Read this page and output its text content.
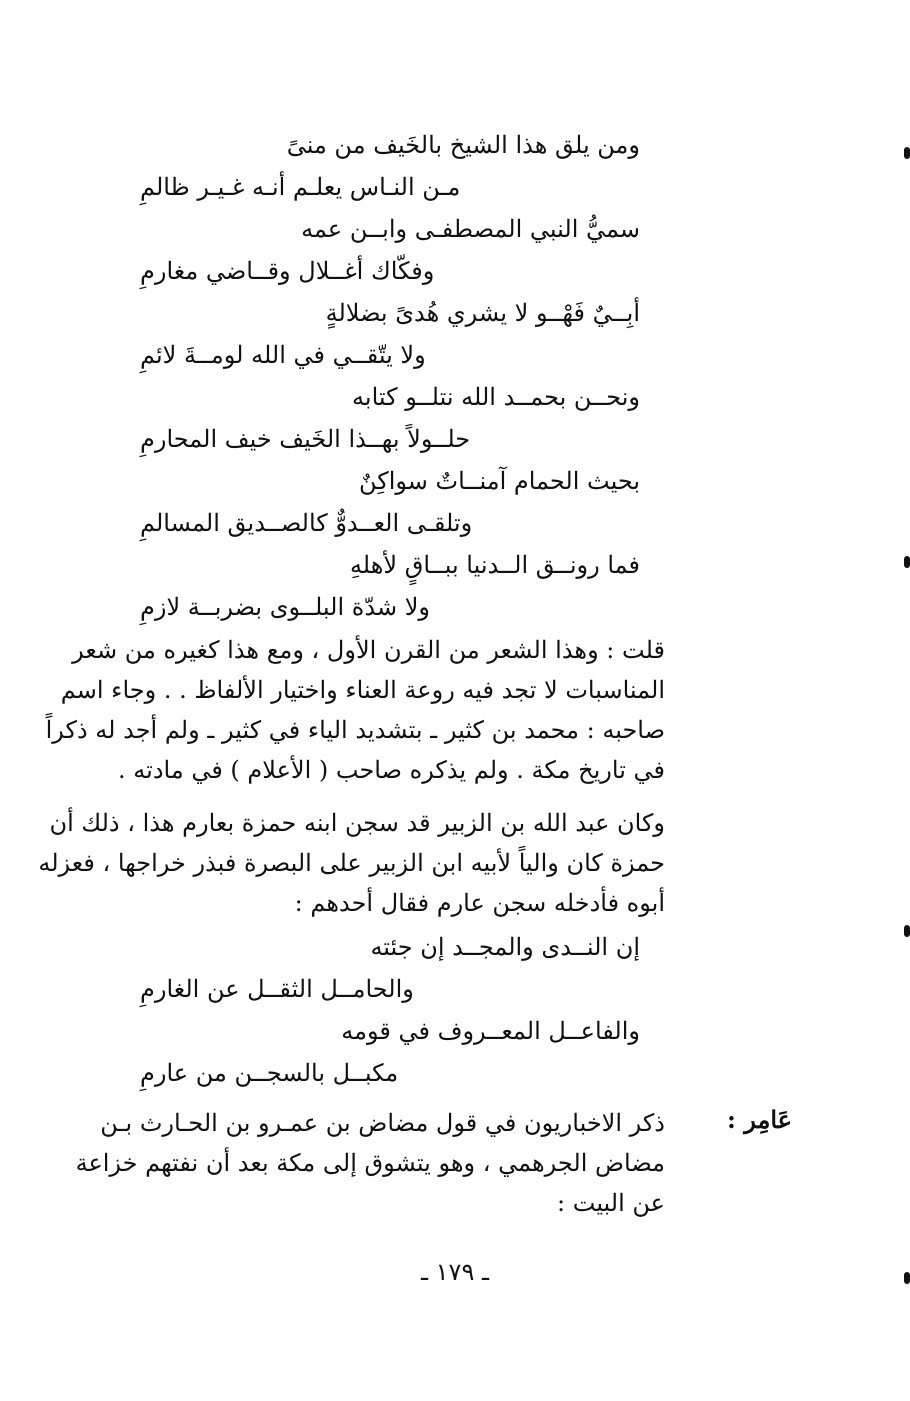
ومن يلق هذا الشيخ بالخَيف من منىً
مـن النـاس يعلـم أنـه غـيـر ظالمِ
سميُّ النبي المصطفـى وابــن عمه
وفكّاك أغــلال وقــاضي مغارمِ
أبِــيٌ فَهْــو لا يشري هُدىً بضلالةٍ
ولا يتّقــي في الله لومــةَ لائمِ
ونحــن بحمــد الله نتلــو كتابه
حلــولاً بهــذا الخَيف خيف المحارمِ
بحيث الحمام آمنــاتٌ سواكِنٌ
وتلقـى العــدوٌّ كالصــديق المسالمِ
فما رونــق الــدنيا ببــاقٍ لأهلهِ
ولا شدّة البلــوى بضربــة لازمِ
قلت : وهذا الشعر من القرن الأول ، ومع هذا كغيره من شعر
المناسبات لا تجد فيه روعة العناء واختيار الألفاظ . . وجاء اسم
صاحبه : محمد بن كثير ـ بتشديد الياء في كثير ـ ولم أجد له ذكراً
في تاريخ مكة . ولم يذكره صاحب ( الأعلام ) في مادته .
وكان عبد الله بن الزبير قد سجن ابنه حمزة بعارم هذا ، ذلك أن
حمزة كان والياً لأبيه ابن الزبير على البصرة فبذر خراجها ، فعزله
أبوه فأدخله سجن عارم فقال أحدهم :
إن النــدى والمجــد إن جئته
والحامــل الثقــل عن الغارمِ
والفاعــل المعــروف في قومه
مكبــل بالسجــن من عارمِ
عَامِر :
ذكر الاخباريون في قول مضاض بن عمـرو بن الحـارث بـن
مضاض الجرهمي ، وهو يتشوق إلى مكة بعد أن نفتهم خزاعة
عن البيت :
ـ ١٧٩ ـ
